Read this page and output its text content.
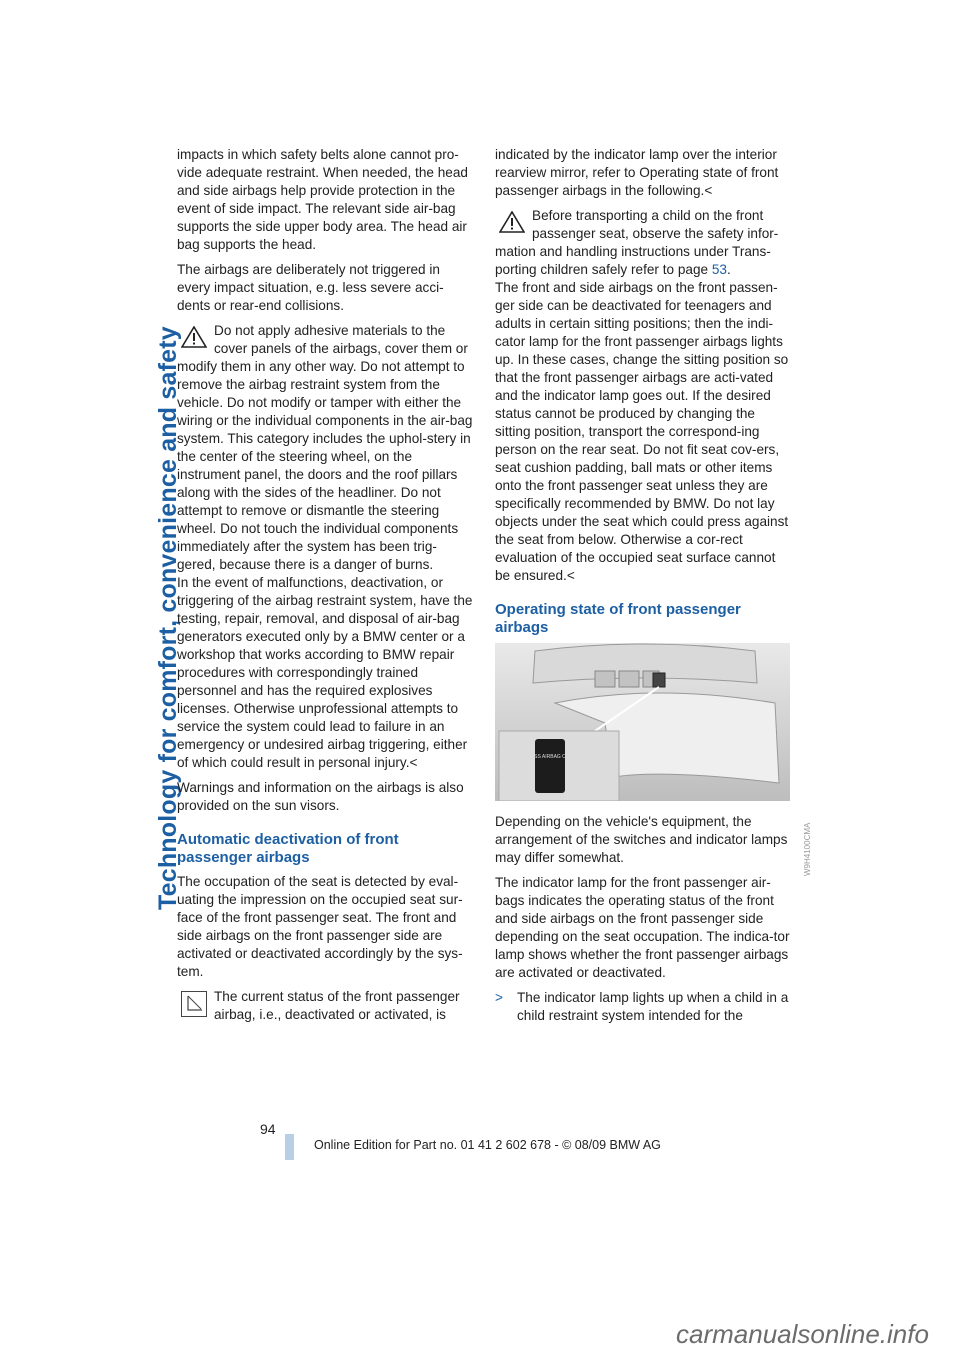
Technology for comfort, convenience and safety

impacts in which safety belts alone cannot pro-vide adequate restraint. When needed, the head and side airbags help provide protection in the event of side impact. The relevant side air-bag supports the side upper body area. The head air bag supports the head.

The airbags are deliberately not triggered in every impact situation, e.g. less severe acci-dents or rear-end collisions.

Do not apply adhesive materials to the cover panels of the airbags, cover them or
modify them in any other way. Do not attempt to remove the airbag restraint system from the vehicle. Do not modify or tamper with either the wiring or the individual components in the air-bag system. This category includes the uphol-stery in the center of the steering wheel, on the instrument panel, the doors and the roof pillars along with the sides of the headliner. Do not attempt to remove or dismantle the steering wheel. Do not touch the individual components immediately after the system has been trig-gered, because there is a danger of burns.

In the event of malfunctions, deactivation, or triggering of the airbag restraint system, have the testing, repair, removal, and disposal of air-bag generators executed only by a BMW center or a workshop that works according to BMW repair procedures with correspondingly trained personnel and has the required explosives licenses. Otherwise unprofessional attempts to service the system could lead to failure in an emergency or undesired airbag triggering, either of which could result in personal injury.<

Warnings and information on the airbags is also provided on the sun visors.

Automatic deactivation of front passenger airbags

The occupation of the seat is detected by eval-uating the impression on the occupied seat sur-face of the front passenger seat. The front and side airbags on the front passenger side are activated or deactivated accordingly by the sys-tem.

The current status of the front passenger airbag, i.e., deactivated or activated, is

indicated by the indicator lamp over the interior rearview mirror, refer to Operating state of front passenger airbags in the following.<

Before transporting a child on the front passenger seat, observe the safety infor-
mation and handling instructions under Trans-porting children safely refer to page 53.

The front and side airbags on the front passen-ger side can be deactivated for teenagers and adults in certain sitting positions; then the indi-cator lamp for the front passenger airbags lights up. In these cases, change the sitting position so that the front passenger airbags are acti-vated and the indicator lamp goes out. If the desired status cannot be produced by changing the sitting position, transport the correspond-ing person on the rear seat. Do not fit seat cov-ers, seat cushion padding, ball mats or other items onto the front passenger seat unless they are specifically recommended by BMW. Do not lay objects under the seat which could press against the seat from below. Otherwise a cor-rect evaluation of the occupied seat surface cannot be ensured.<

Operating state of front passenger airbags
PASS AIRBAG OFF

Depending on the vehicle's equipment, the arrangement of the switches and indicator lamps may differ somewhat.

The indicator lamp for the front passenger air-bags indicates the operating status of the front and side airbags on the front passenger side depending on the seat occupation. The indica-tor lamp shows whether the front passenger airbags are activated or deactivated.

> The indicator lamp lights up when a child in a child restraint system intended for the

W9H4100CMA
94
Online Edition for Part no. 01 41 2 602 678 - © 08/09 BMW AG
carmanualsonline.info
